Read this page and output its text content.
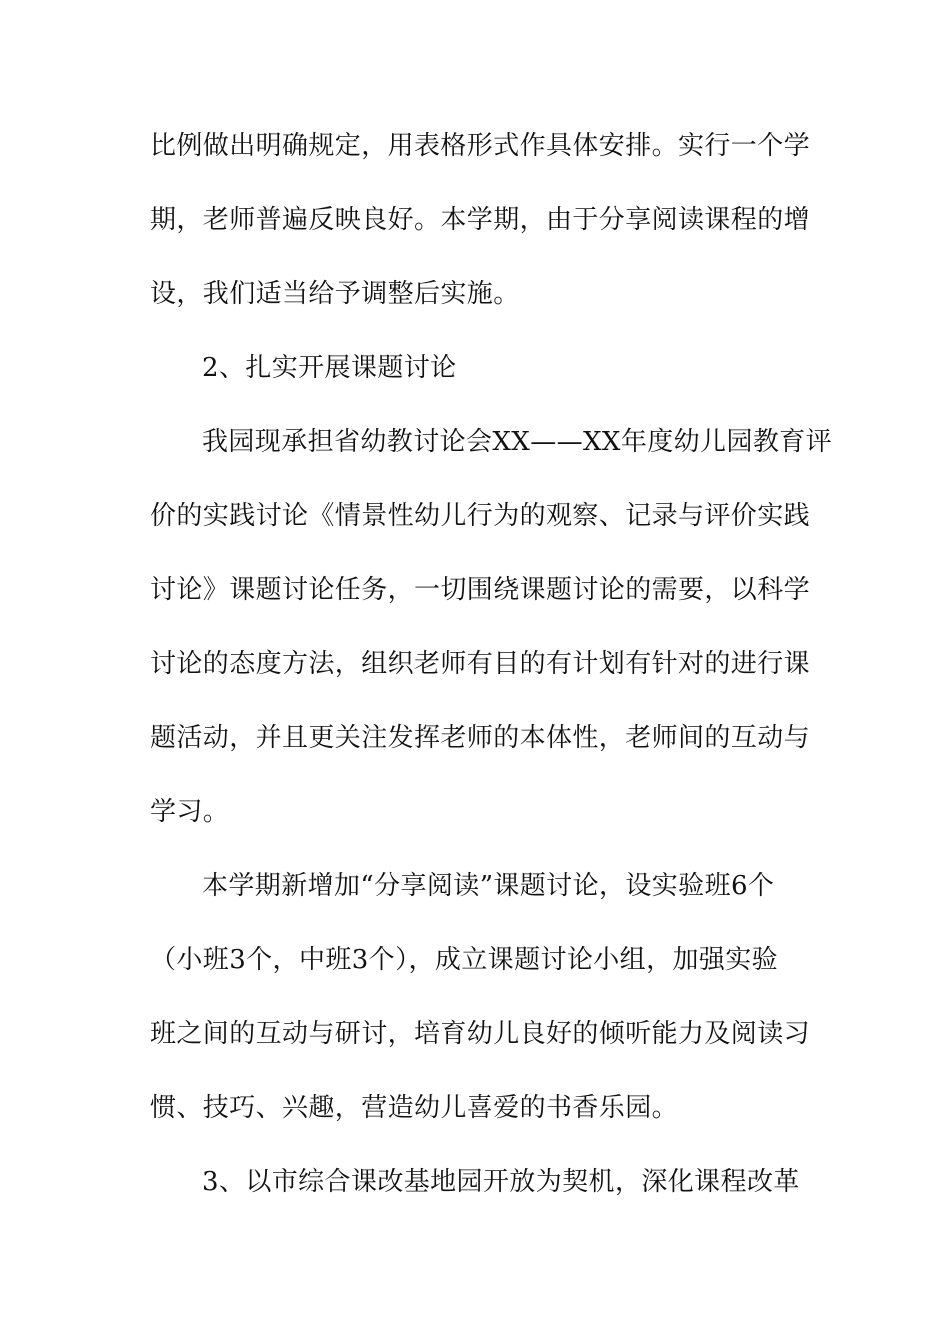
比例做出明确规定，用表格形式作具体安排。实行一个学
期，老师普遍反映良好。本学期，由于分享阅读课程的增
设，我们适当给予调整后实施。
2、扎实开展课题讨论
我园现承担省幼教讨论会XX——XX年度幼儿园教育评
价的实践讨论《情景性幼儿行为的观察、记录与评价实践
讨论》课题讨论任务，一切围绕课题讨论的需要，以科学
讨论的态度方法，组织老师有目的有计划有针对的进行课
题活动，并且更关注发挥老师的本体性，老师间的互动与
学习。
本学期新增加“分享阅读”课题讨论，设实验班6个
（小班3个，中班3个），成立课题讨论小组，加强实验
班之间的互动与研讨，培育幼儿良好的倾听能力及阅读习
惯、技巧、兴趣，营造幼儿喜爱的书香乐园。
3、以市综合课改基地园开放为契机，深化课程改革
